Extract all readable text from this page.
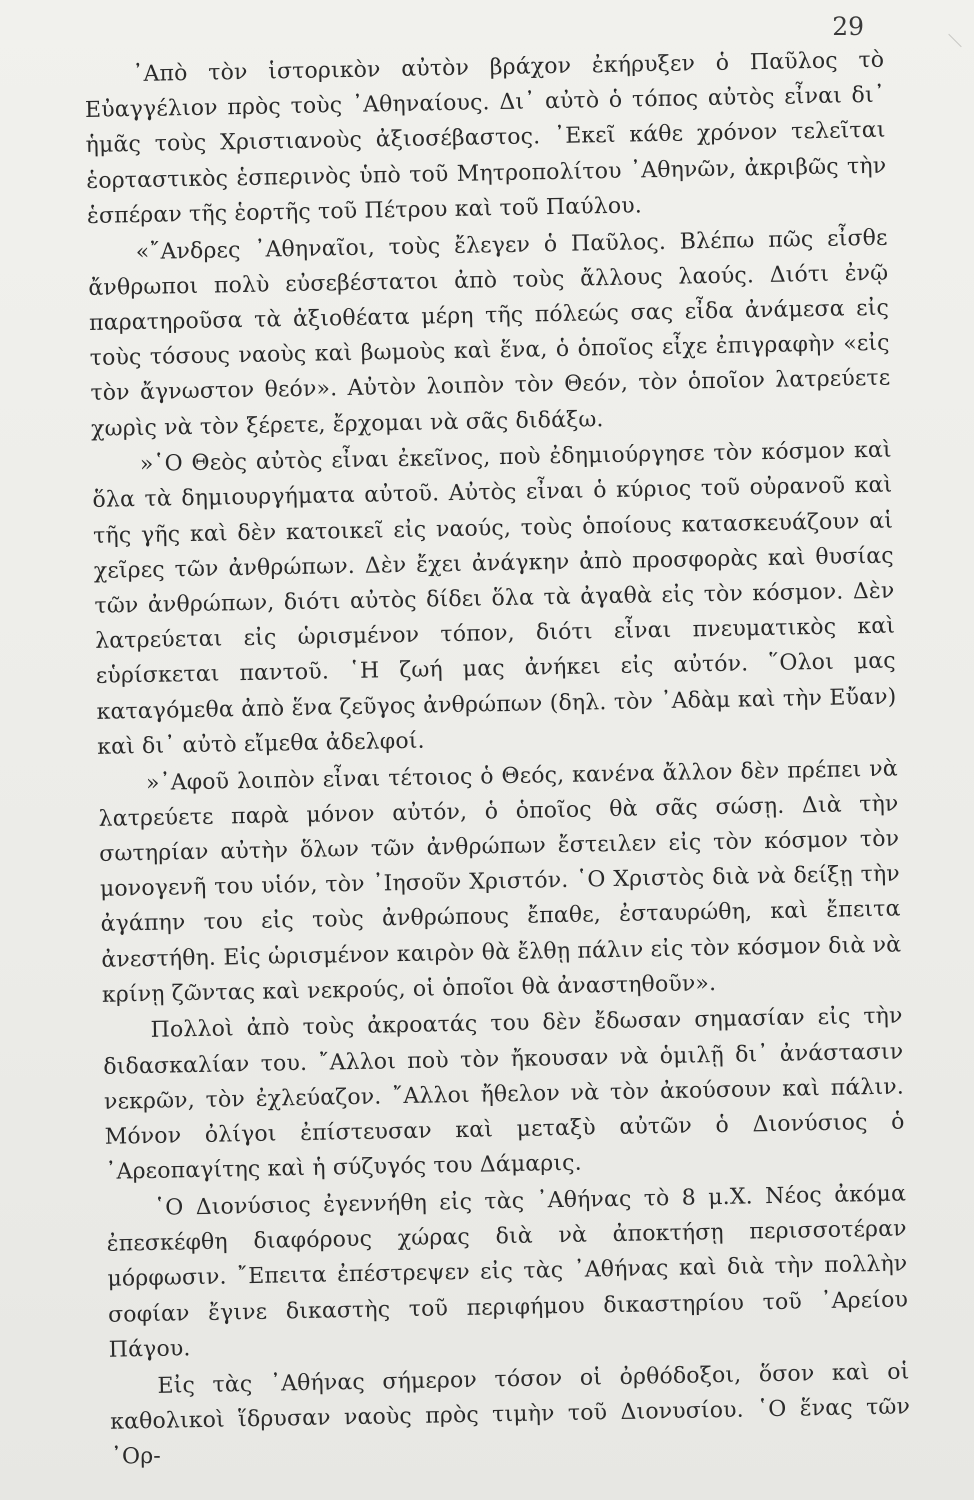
29

᾿Απὸ τὸν ἱστορικὸν αὐτὸν βράχον ἐκήρυξεν ὁ Παῦλος τὸ Εὐαγγέλιον πρὸς τοὺς ᾿Αθηναίους. Δι᾿ αὐτὸ ὁ τόπος αὐτὸς εἶναι δι᾿ ἡμᾶς τοὺς Χριστιανοὺς ἀξιοσέβαστος. ᾿Εκεῖ κάθε χρόνον τελεῖται ἑορταστικὸς ἑσπερινὸς ὑπὸ τοῦ Μητροπολίτου ᾿Αθηνῶν, ἀκριβῶς τὴν ἑσπέραν τῆς ἑορτῆς τοῦ Πέτρου καὶ τοῦ Παύλου.

«῎Ανδρες ᾿Αθηναῖοι, τοὺς ἔλεγεν ὁ Παῦλος. Βλέπω πῶς εἶσθε ἄνθρωποι πολὺ εὐσεβέστατοι ἀπὸ τοὺς ἄλλους λαούς. Διότι ἐνῷ παρατηροῦσα τὰ ἀξιοθέατα μέρη τῆς πόλεώς σας εἶδα ἀνάμεσα εἰς τοὺς τόσους ναοὺς καὶ βωμοὺς καὶ ἕνα, ὁ ὁποῖος εἶχε ἐπιγραφὴν «εἰς τὸν ἄγνωστον θεόν». Αὐτὸν λοιπὸν τὸν Θεόν, τὸν ὁποῖον λατρεύετε χωρὶς νὰ τὸν ξέρετε, ἔρχομαι νὰ σᾶς διδάξω.

»῾Ο Θεὸς αὐτὸς εἶναι ἐκεῖνος, ποὺ ἐδημιούργησε τὸν κόσμον καὶ ὅλα τὰ δημιουργήματα αὐτοῦ. Αὐτὸς εἶναι ὁ κύριος τοῦ οὐρανοῦ καὶ τῆς γῆς καὶ δὲν κατοικεῖ εἰς ναούς, τοὺς ὁποίους κατασκευάζουν αἱ χεῖρες τῶν ἀνθρώπων. Δὲν ἔχει ἀνάγκην ἀπὸ προσφορὰς καὶ θυσίας τῶν ἀνθρώπων, διότι αὐτὸς δίδει ὅλα τὰ ἀγαθὰ εἰς τὸν κόσμον. Δὲν λατρεύεται εἰς ὡρισμένον τόπον, διότι εἶναι πνευματικὸς καὶ εὑρίσκεται παντοῦ. ῾Η ζωή μας ἀνήκει εἰς αὐτόν. ῞Ολοι μας καταγόμεθα ἀπὸ ἕνα ζεῦγος ἀνθρώπων (δηλ. τὸν ᾿Αδὰμ καὶ τὴν Εὔαν) καὶ δι᾿ αὐτὸ εἴμεθα ἀδελφοί.

»᾿Αφοῦ λοιπὸν εἶναι τέτοιος ὁ Θεός, κανένα ἄλλον δὲν πρέπει νὰ λατρεύετε παρὰ μόνον αὐτόν, ὁ ὁποῖος θὰ σᾶς σώσῃ. Διὰ τὴν σωτηρίαν αὐτὴν ὅλων τῶν ἀνθρώπων ἔστειλεν εἰς τὸν κόσμον τὸν μονογενῆ του υἱόν, τὸν ᾿Ιησοῦν Χριστόν. ῾Ο Χριστὸς διὰ νὰ δείξῃ τὴν ἀγάπην του εἰς τοὺς ἀνθρώπους ἔπαθε, ἐσταυρώθη, καὶ ἔπειτα ἀνεστήθη. Εἰς ὡρισμένον καιρὸν θὰ ἔλθῃ πάλιν εἰς τὸν κόσμον διὰ νὰ κρίνῃ ζῶντας καὶ νεκρούς, οἱ ὁποῖοι θὰ ἀναστηθοῦν».

Πολλοὶ ἀπὸ τοὺς ἀκροατάς του δὲν ἔδωσαν σημασίαν εἰς τὴν διδασκαλίαν του. ῎Αλλοι ποὺ τὸν ἤκουσαν νὰ ὁμιλῇ δι᾿ ἀνάστασιν νεκρῶν, τὸν ἐχλεύαζον. ῎Αλλοι ἤθελον νὰ τὸν ἀκούσουν καὶ πάλιν. Μόνον ὀλίγοι ἐπίστευσαν καὶ μεταξὺ αὐτῶν ὁ Διονύσιος ὁ ᾿Αρεοπαγίτης καὶ ἡ σύζυγός του Δάμαρις.

῾Ο Διονύσιος ἐγεννήθη εἰς τὰς ᾿Αθήνας τὸ 8 μ.Χ. Νέος ἀκόμα ἐπεσκέφθη διαφόρους χώρας διὰ νὰ ἀποκτήσῃ περισσοτέραν μόρφωσιν. ῎Επειτα ἐπέστρεψεν εἰς τὰς ᾿Αθήνας καὶ διὰ τὴν πολλὴν σοφίαν ἔγινε δικαστὴς τοῦ περιφήμου δικαστηρίου τοῦ ᾿Αρείου Πάγου.

Εἰς τὰς ᾿Αθήνας σήμερον τόσον οἱ ὀρθόδοξοι, ὅσον καὶ οἱ καθολικοὶ ἵδρυσαν ναοὺς πρὸς τιμὴν τοῦ Διονυσίου. ῾Ο ἕνας τῶν ᾿Ορ-
